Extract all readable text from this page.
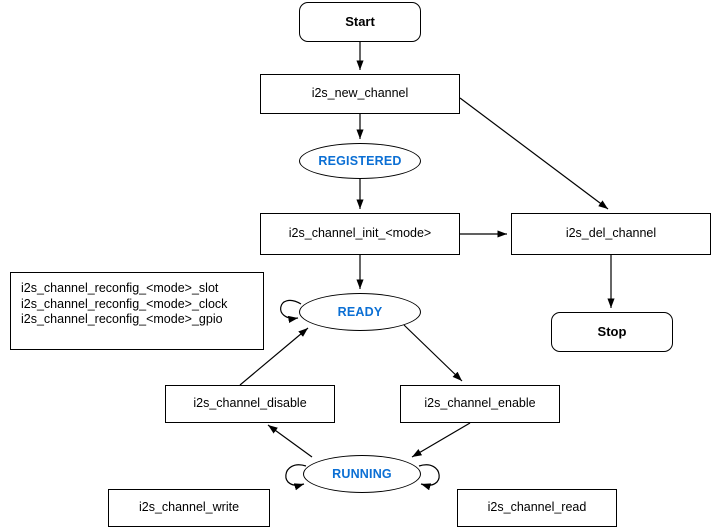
Start
i2s_new_channel
REGISTERED
i2s_channel_init_<mode>	i2s_del_channel
Stop
READY
i2s_channel_reconfig_<mode>_slot
i2s_channel_reconfig_<mode>_clock
i2s_channel_reconfig_<mode>_gpio
i2s_channel_disable	i2s_channel_enable
RUNNING
i2s_channel_write	i2s_channel_read
